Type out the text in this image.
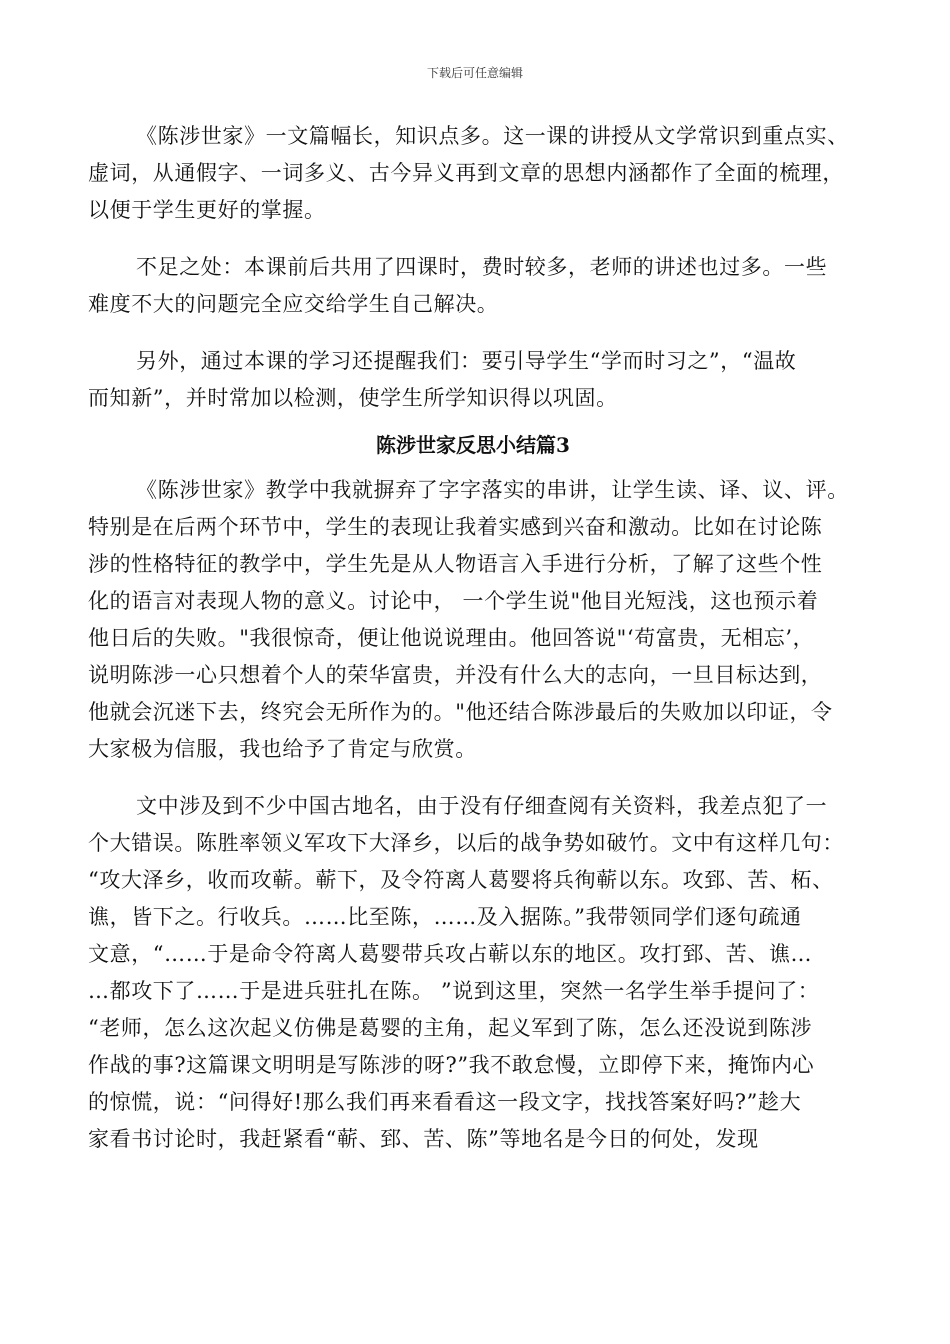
下载后可任意编辑
《陈涉世家》一文篇幅长，知识点多。这一课的讲授从文学常识到重点实、
虚词，从通假字、一词多义、古今异义再到文章的思想内涵都作了全面的梳理，
以便于学生更好的掌握。
不足之处：本课前后共用了四课时，费时较多，老师的讲述也过多。一些
难度不大的问题完全应交给学生自己解决。
另外，通过本课的学习还提醒我们：要引导学生“学而时习之”，“温故
而知新”，并时常加以检测，使学生所学知识得以巩固。
陈涉世家反思小结篇3
《陈涉世家》教学中我就摒弃了字字落实的串讲，让学生读、译、议、评。
特别是在后两个环节中，学生的表现让我着实感到兴奋和激动。比如在讨论陈
涉的性格特征的教学中，学生先是从人物语言入手进行分析，了解了这些个性
化的语言对表现人物的意义。讨论中， 一个学生说"他目光短浅，这也预示着
他日后的失败。"我很惊奇，便让他说说理由。他回答说"‘苟富贵，无相忘’，
说明陈涉一心只想着个人的荣华富贵，并没有什么大的志向，一旦目标达到，
他就会沉迷下去，终究会无所作为的。"他还结合陈涉最后的失败加以印证，令
大家极为信服，我也给予了肯定与欣赏。
文中涉及到不少中国古地名，由于没有仔细查阅有关资料，我差点犯了一
个大错误。陈胜率领义军攻下大泽乡，以后的战争势如破竹。文中有这样几句：
“攻大泽乡，收而攻蕲。蕲下，及令符离人葛婴将兵徇蕲以东。攻郅、苦、柘、
谯，皆下之。行收兵。……比至陈，……及入据陈。”我带领同学们逐句疏通
文意，“……于是命令符离人葛婴带兵攻占蕲以东的地区。攻打郅、苦、谯…
…都攻下了……于是进兵驻扎在陈。 ”说到这里，突然一名学生举手提问了：
“老师，怎么这次起义仿佛是葛婴的主角，起义军到了陈，怎么还没说到陈涉
作战的事?这篇课文明明是写陈涉的呀?”我不敢怠慢，立即停下来，掩饰内心
的惊慌，说：“问得好!那么我们再来看看这一段文字，找找答案好吗?”趁大
家看书讨论时，我赶紧看“蕲、郅、苦、陈”等地名是今日的何处，发现
